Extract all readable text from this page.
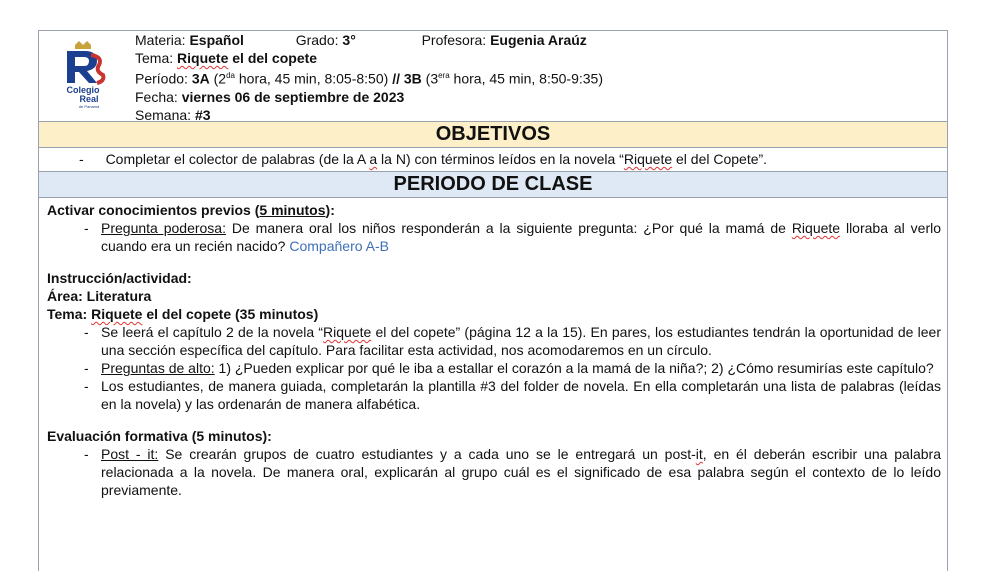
Colegio
Real
de Panamá
Materia: Español	Grado: 3°	Profesora: Eugenia Araúz
Tema: Riquete el del copete
Período: 3A ($2^{da}$ hora, 45 min, 8:05-8:50) // 3B ($3^{era}$ hora, 45 min, 8:50-9:35)
Fecha: viernes 06 de septiembre de 2023
Semana: #3
OBJETIVOS
- Completar el colector de palabras (de la A a la N) con términos leídos en la novela “Riquete el del Copete”.
PERIODO DE CLASE
Activar conocimientos previos (5 minutos):
- Pregunta poderosa: De manera oral los niños responderán a la siguiente pregunta: ¿Por qué la mamá de Riquete lloraba al verlo cuando era un recién nacido? Compañero A-B
Instrucción/actividad:
Área: Literatura
Tema: Riquete el del copete (35 minutos)
- Se leerá el capítulo 2 de la novela “Riquete el del copete” (página 12 a la 15). En pares, los estudiantes tendrán la oportunidad de leer una sección específica del capítulo. Para facilitar esta actividad, nos acomodaremos en un círculo.
- Preguntas de alto: 1) ¿Pueden explicar por qué le iba a estallar el corazón a la mamá de la niña?; 2) ¿Cómo resumirías este capítulo?
- Los estudiantes, de manera guiada, completarán la plantilla #3 del folder de novela. En ella completarán una lista de palabras (leídas en la novela) y las ordenarán de manera alfabética.
Evaluación formativa (5 minutos):
- Post - it: Se crearán grupos de cuatro estudiantes y a cada uno se le entregará un post-it, en él deberán escribir una palabra relacionada a la novela. De manera oral, explicarán al grupo cuál es el significado de esa palabra según el contexto de lo leído previamente.
